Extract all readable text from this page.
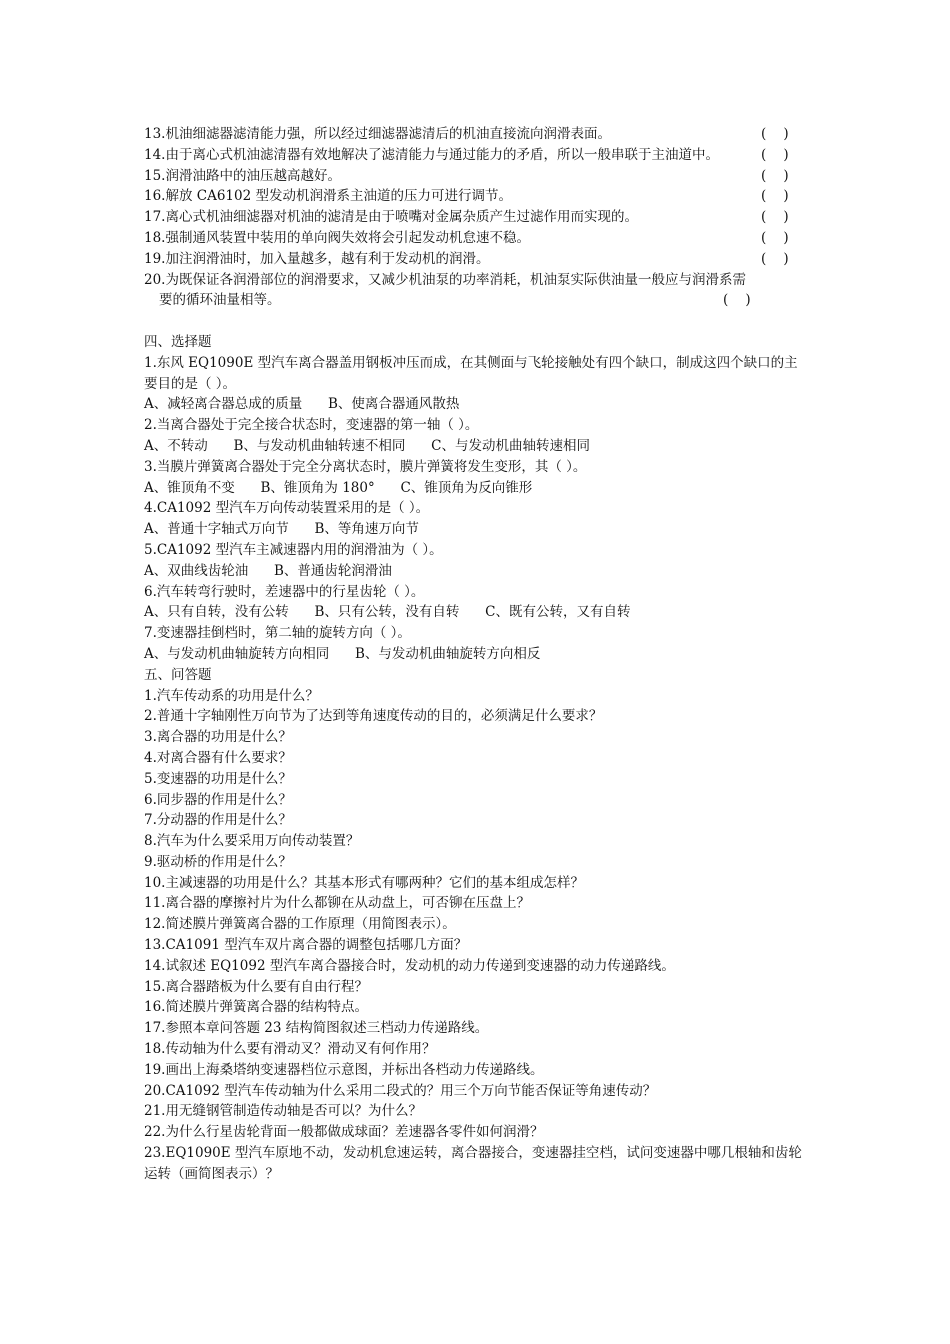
13.机油细滤器滤清能力强，所以经过细滤器滤清后的机油直接流向润滑表面。	(    )
14.由于离心式机油滤清器有效地解决了滤清能力与通过能力的矛盾，所以一般串联于主油道中。	(    )
15.润滑油路中的油压越高越好。	(    )
16.解放 CA6102 型发动机润滑系主油道的压力可进行调节。	(    )
17.离心式机油细滤器对机油的滤清是由于喷嘴对金属杂质产生过滤作用而实现的。	(    )
18.强制通风装置中装用的单向阀失效将会引起发动机怠速不稳。	(    )
19.加注润滑油时，加入量越多，越有利于发动机的润滑。	(    )
20.为既保证各润滑部位的润滑要求，又减少机油泵的功率消耗，机油泵实际供油量一般应与润滑系需要的循环油量相等。	(    )
四、选择题
1.东风 EQ1090E 型汽车离合器盖用钢板冲压而成，在其侧面与飞轮接触处有四个缺口，制成这四个缺口的主要目的是（ ）。
A、减轻离合器总成的质量      B、使离合器通风散热
2.当离合器处于完全接合状态时，变速器的第一轴（ ）。
A、不转动      B、与发动机曲轴转速不相同      C、与发动机曲轴转速相同
3.当膜片弹簧离合器处于完全分离状态时，膜片弹簧将发生变形，其（ ）。
A、锥顶角不变      B、锥顶角为 180°      C、锥顶角为反向锥形
4.CA1092 型汽车万向传动装置采用的是（ ）。
A、普通十字轴式万向节      B、等角速万向节
5.CA1092 型汽车主减速器内用的润滑油为（ ）。
A、双曲线齿轮油      B、普通齿轮润滑油
6.汽车转弯行驶时，差速器中的行星齿轮（ ）。
A、只有自转，没有公转      B、只有公转，没有自转      C、既有公转，又有自转
7.变速器挂倒档时，第二轴的旋转方向（ ）。
A、与发动机曲轴旋转方向相同      B、与发动机曲轴旋转方向相反
五、问答题
1.汽车传动系的功用是什么？
2.普通十字轴刚性万向节为了达到等角速度传动的目的，必须满足什么要求？
3.离合器的功用是什么？
4.对离合器有什么要求？
5.变速器的功用是什么？
6.同步器的作用是什么？
7.分动器的作用是什么？
8.汽车为什么要采用万向传动装置？
9.驱动桥的作用是什么？
10.主减速器的功用是什么？其基本形式有哪两种？它们的基本组成怎样？
11.离合器的摩擦衬片为什么都铆在从动盘上，可否铆在压盘上？
12.简述膜片弹簧离合器的工作原理（用简图表示）。
13.CA1091 型汽车双片离合器的调整包括哪几方面？
14.试叙述 EQ1092 型汽车离合器接合时，发动机的动力传递到变速器的动力传递路线。
15.离合器踏板为什么要有自由行程？
16.简述膜片弹簧离合器的结构特点。
17.参照本章问答题 23 结构简图叙述三档动力传递路线。
18.传动轴为什么要有滑动叉？滑动叉有何作用？
19.画出上海桑塔纳变速器档位示意图，并标出各档动力传递路线。
20.CA1092 型汽车传动轴为什么采用二段式的？用三个万向节能否保证等角速传动？
21.用无缝钢管制造传动轴是否可以？为什么？
22.为什么行星齿轮背面一般都做成球面？差速器各零件如何润滑？
23.EQ1090E 型汽车原地不动，发动机怠速运转，离合器接合，变速器挂空档，试问变速器中哪几根轴和齿轮运转（画简图表示）？
